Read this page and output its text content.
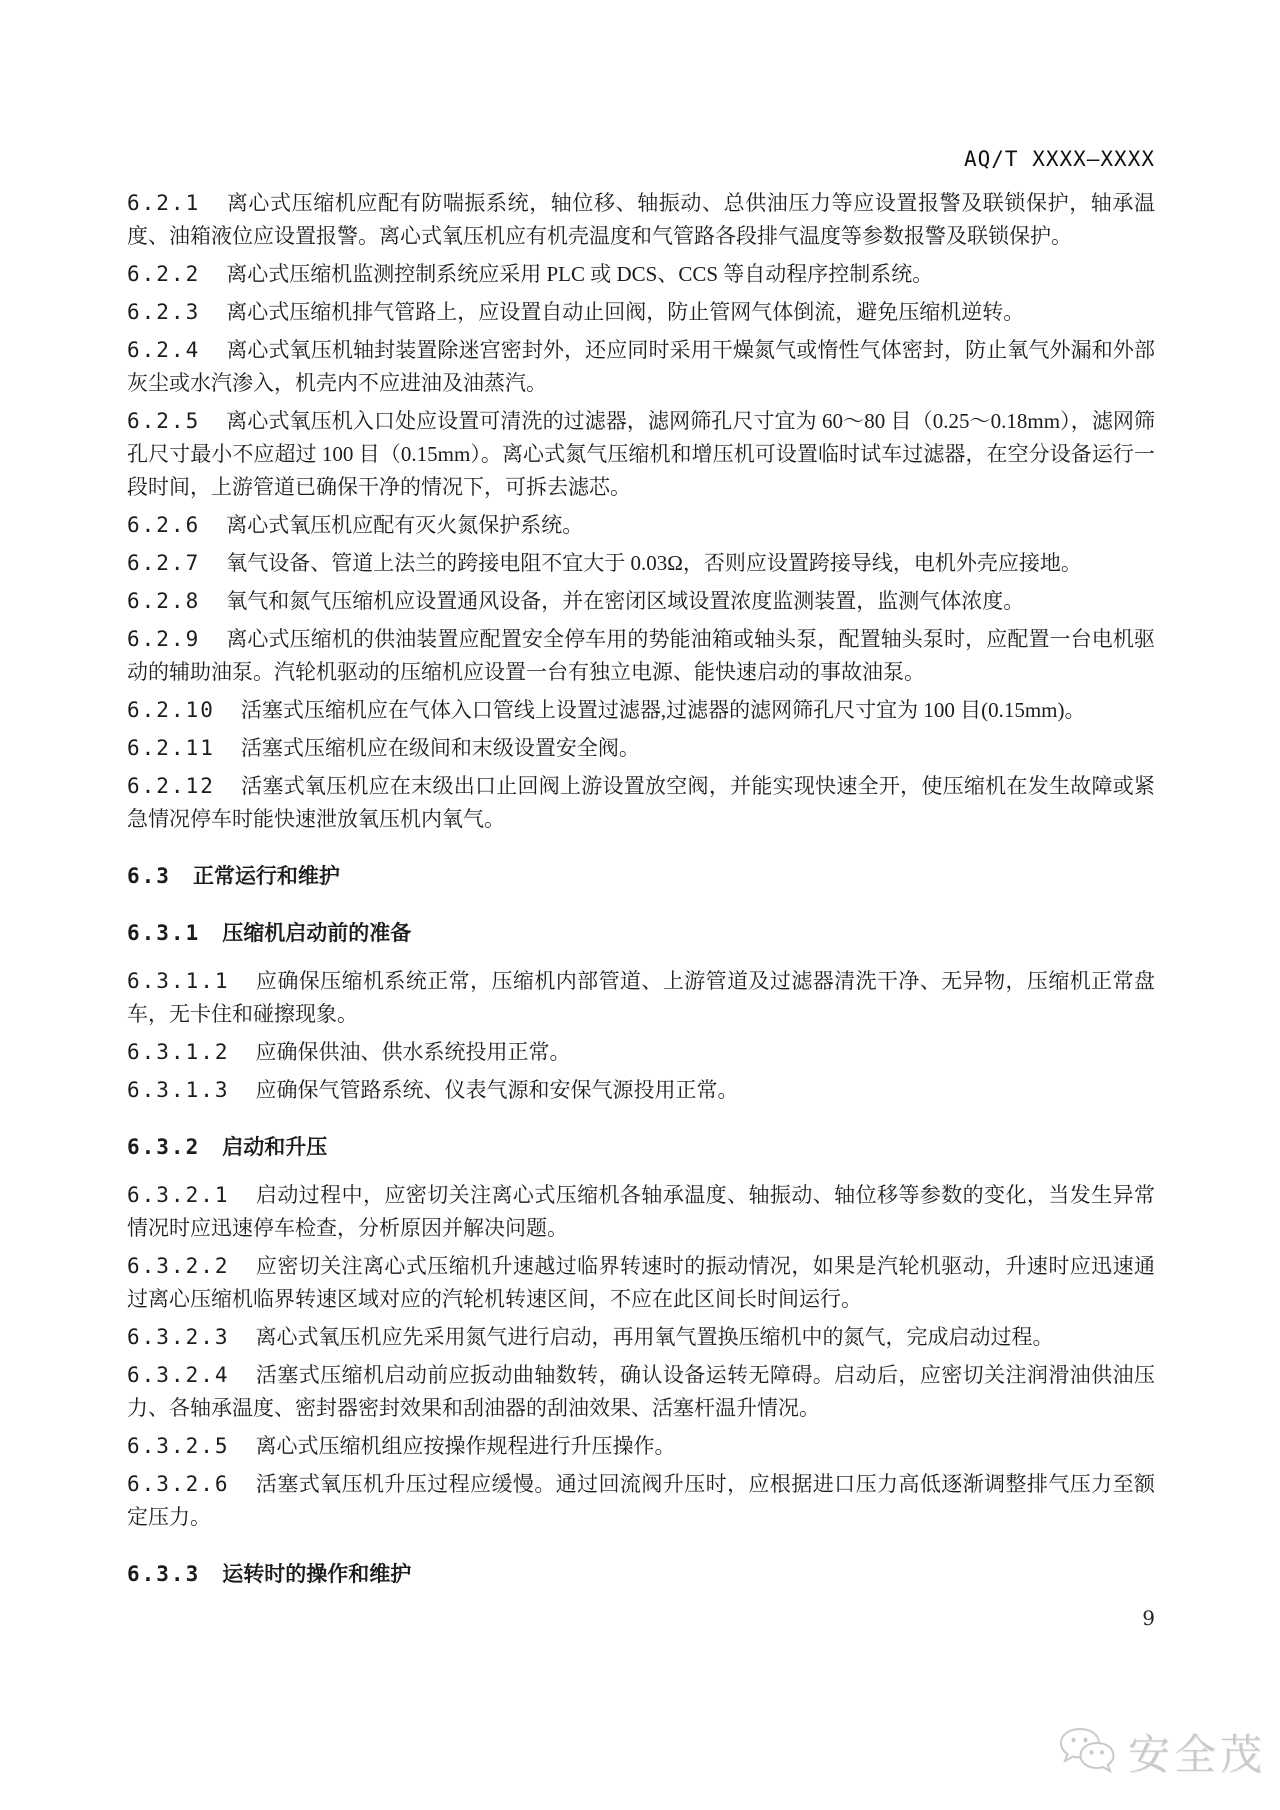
AQ/T XXXX—XXXX

6.2.1 离心式压缩机应配有防喘振系统，轴位移、轴振动、总供油压力等应设置报警及联锁保护，轴承温度、油箱液位应设置报警。离心式氧压机应有机壳温度和气管路各段排气温度等参数报警及联锁保护。

6.2.2 离心式压缩机监测控制系统应采用 PLC 或 DCS、CCS 等自动程序控制系统。

6.2.3 离心式压缩机排气管路上，应设置自动止回阀，防止管网气体倒流，避免压缩机逆转。

6.2.4 离心式氧压机轴封装置除迷宫密封外，还应同时采用干燥氮气或惰性气体密封，防止氧气外漏和外部灰尘或水汽渗入，机壳内不应进油及油蒸汽。

6.2.5 离心式氧压机入口处应设置可清洗的过滤器，滤网筛孔尺寸宜为 60～80 目（0.25～0.18mm），滤网筛孔尺寸最小不应超过 100 目（0.15mm）。离心式氮气压缩机和增压机可设置临时试车过滤器，在空分设备运行一段时间，上游管道已确保干净的情况下，可拆去滤芯。

6.2.6 离心式氧压机应配有灭火氮保护系统。

6.2.7 氧气设备、管道上法兰的跨接电阻不宜大于 0.03Ω，否则应设置跨接导线，电机外壳应接地。

6.2.8 氧气和氮气压缩机应设置通风设备，并在密闭区域设置浓度监测装置，监测气体浓度。

6.2.9 离心式压缩机的供油装置应配置安全停车用的势能油箱或轴头泵，配置轴头泵时，应配置一台电机驱动的辅助油泵。汽轮机驱动的压缩机应设置一台有独立电源、能快速启动的事故油泵。

6.2.10 活塞式压缩机应在气体入口管线上设置过滤器,过滤器的滤网筛孔尺寸宜为 100 目(0.15mm)。

6.2.11 活塞式压缩机应在级间和末级设置安全阀。

6.2.12 活塞式氧压机应在末级出口止回阀上游设置放空阀，并能实现快速全开，使压缩机在发生故障或紧急情况停车时能快速泄放氧压机内氧气。

6.3 正常运行和维护

6.3.1 压缩机启动前的准备

6.3.1.1 应确保压缩机系统正常，压缩机内部管道、上游管道及过滤器清洗干净、无异物，压缩机正常盘车，无卡住和碰擦现象。

6.3.1.2 应确保供油、供水系统投用正常。

6.3.1.3 应确保气管路系统、仪表气源和安保气源投用正常。

6.3.2 启动和升压

6.3.2.1 启动过程中，应密切关注离心式压缩机各轴承温度、轴振动、轴位移等参数的变化，当发生异常情况时应迅速停车检查，分析原因并解决问题。

6.3.2.2 应密切关注离心式压缩机升速越过临界转速时的振动情况，如果是汽轮机驱动，升速时应迅速通过离心压缩机临界转速区域对应的汽轮机转速区间，不应在此区间长时间运行。

6.3.2.3 离心式氧压机应先采用氮气进行启动，再用氧气置换压缩机中的氮气，完成启动过程。

6.3.2.4 活塞式压缩机启动前应扳动曲轴数转，确认设备运转无障碍。启动后，应密切关注润滑油供油压力、各轴承温度、密封器密封效果和刮油器的刮油效果、活塞杆温升情况。

6.3.2.5 离心式压缩机组应按操作规程进行升压操作。

6.3.2.6 活塞式氧压机升压过程应缓慢。通过回流阀升压时，应根据进口压力高低逐渐调整排气压力至额定压力。

6.3.3 运转时的操作和维护

9
安全茂
